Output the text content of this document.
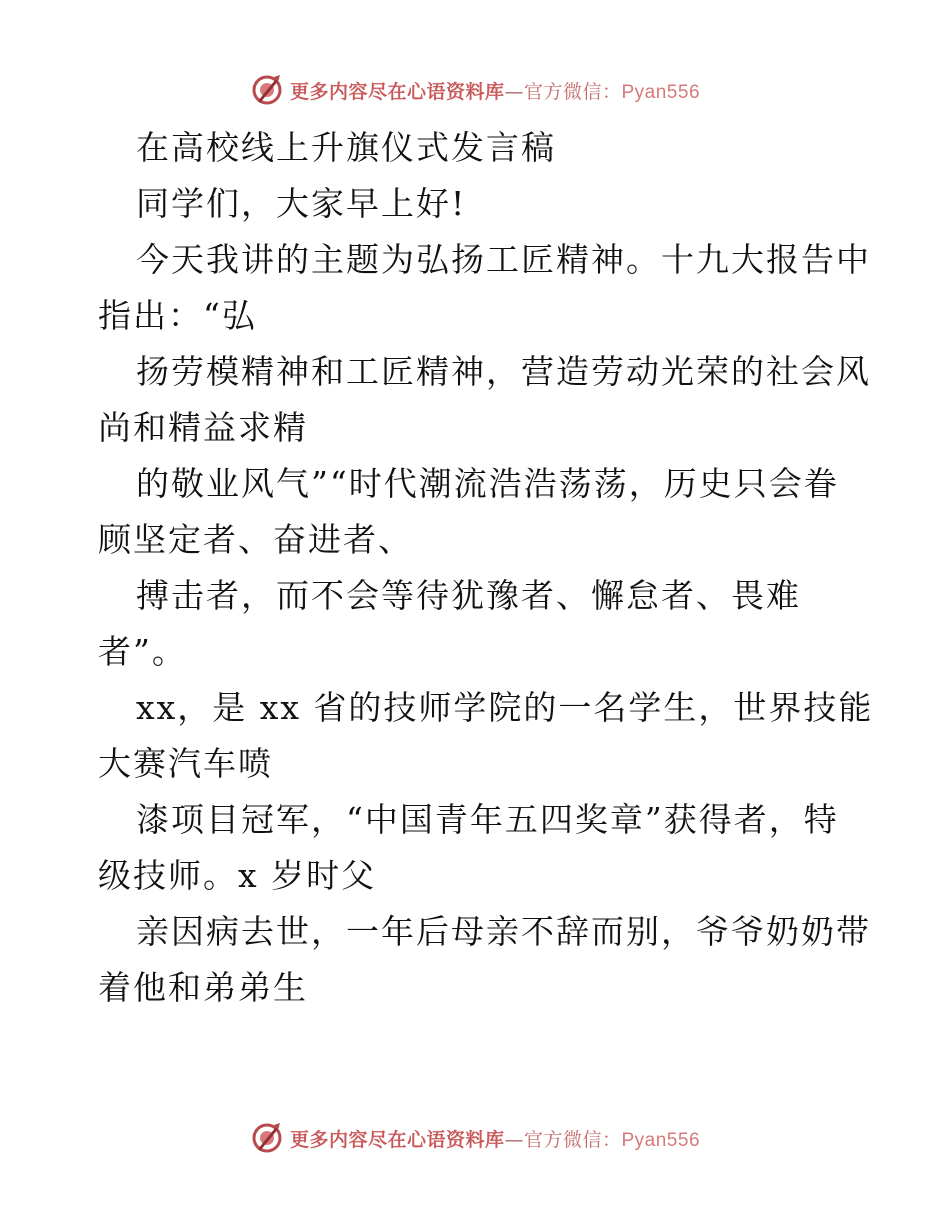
更多内容尽在心语资料库—官方微信：Pyan556
在高校线上升旗仪式发言稿
同学们，大家早上好!
今天我讲的主题为弘扬工匠精神。十九大报告中
指出：“弘
扬劳模精神和工匠精神，营造劳动光荣的社会风
尚和精益求精
的敬业风气”“时代潮流浩浩荡荡，历史只会眷
顾坚定者、奋进者、
搏击者，而不会等待犹豫者、懈怠者、畏难
者”。
xx，是 xx 省的技师学院的一名学生，世界技能
大赛汽车喷
漆项目冠军，“中国青年五四奖章”获得者，特
级技师。x 岁时父
亲因病去世，一年后母亲不辞而别，爷爷奶奶带
着他和弟弟生
更多内容尽在心语资料库—官方微信：Pyan556
